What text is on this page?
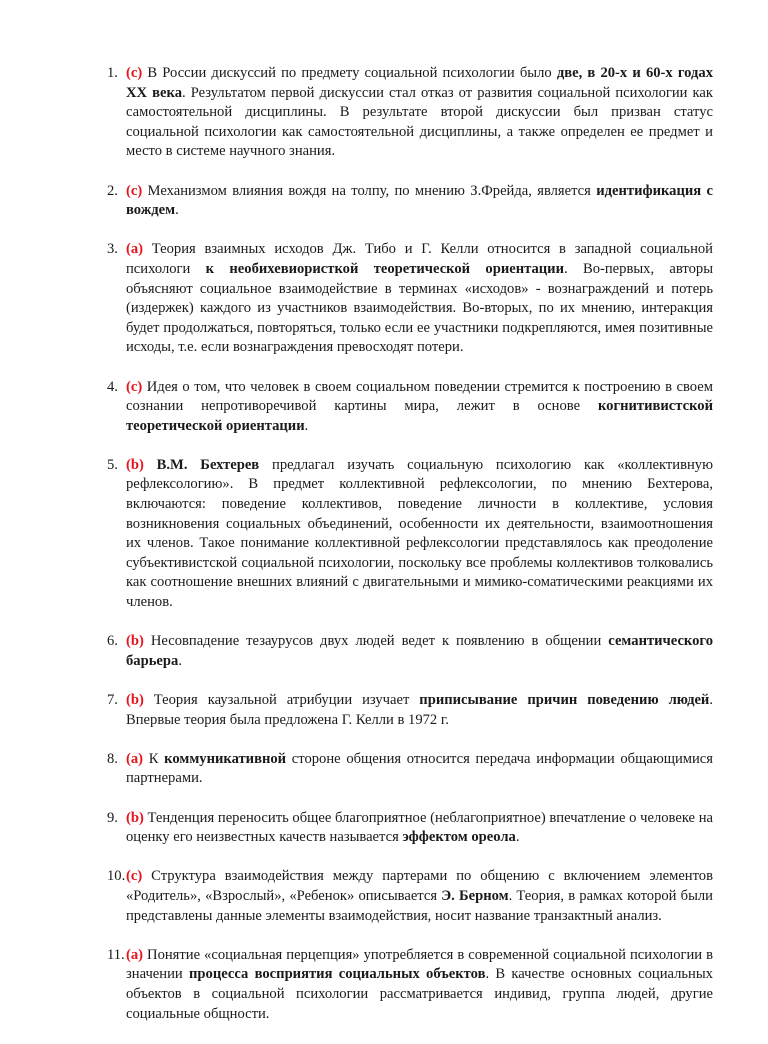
1. (c) В России дискуссий по предмету социальной психологии было две, в 20-х и 60-х годах XX века. Результатом первой дискуссии стал отказ от развития социальной психологии как самостоятельной дисциплины. В результате второй дискуссии был призван статус социальной психологии как самостоятельной дисциплины, а также определен ее предмет и место в системе научного знания.
2. (c) Механизмом влияния вождя на толпу, по мнению З.Фрейда, является идентификация с вождем.
3. (a) Теория взаимных исходов Дж. Тибо и Г. Келли относится в западной социальной психологи к необихевиористкой теоретической ориентации. Во-первых, авторы объясняют социальное взаимодействие в терминах «исходов» - вознаграждений и потерь (издержек) каждого из участников взаимодействия. Во-вторых, по их мнению, интеракция будет продолжаться, повторяться, только если ее участники подкрепляются, имея позитивные исходы, т.е. если вознаграждения превосходят потери.
4. (c) Идея о том, что человек в своем социальном поведении стремится к построению в своем сознании непротиворечивой картины мира, лежит в основе когнитивистской теоретической ориентации.
5. (b) В.М. Бехтерев предлагал изучать социальную психологию как «коллективную рефлексологию». В предмет коллективной рефлексологии, по мнению Бехтерова, включаются: поведение коллективов, поведение личности в коллективе, условия возникновения социальных объединений, особенности их деятельности, взаимоотношения их членов. Такое понимание коллективной рефлексологии представлялось как преодоление субъективистской социальной психологии, поскольку все проблемы коллективов толковались как соотношение внешних влияний с двигательными и мимико-соматическими реакциями их членов.
6. (b) Несовпадение тезаурусов двух людей ведет к появлению в общении семантического барьера.
7. (b) Теория каузальной атрибуции изучает приписывание причин поведению людей. Впервые теория была предложена Г. Келли в 1972 г.
8. (a) К коммуникативной стороне общения относится передача информации общающимися партнерами.
9. (b) Тенденция переносить общее благоприятное (неблагоприятное) впечатление о человеке на оценку его неизвестных качеств называется эффектом ореола.
10. (c) Структура взаимодействия между партерами по общению с включением элементов «Родитель», «Взрослый», «Ребенок» описывается Э. Берном. Теория, в рамках которой были представлены данные элементы взаимодействия, носит название транзактный анализ.
11. (a) Понятие «социальная перцепция» употребляется в современной социальной психологии в значении процесса восприятия социальных объектов. В качестве основных социальных объектов в социальной психологии рассматривается индивид, группа людей, другие социальные общности.
